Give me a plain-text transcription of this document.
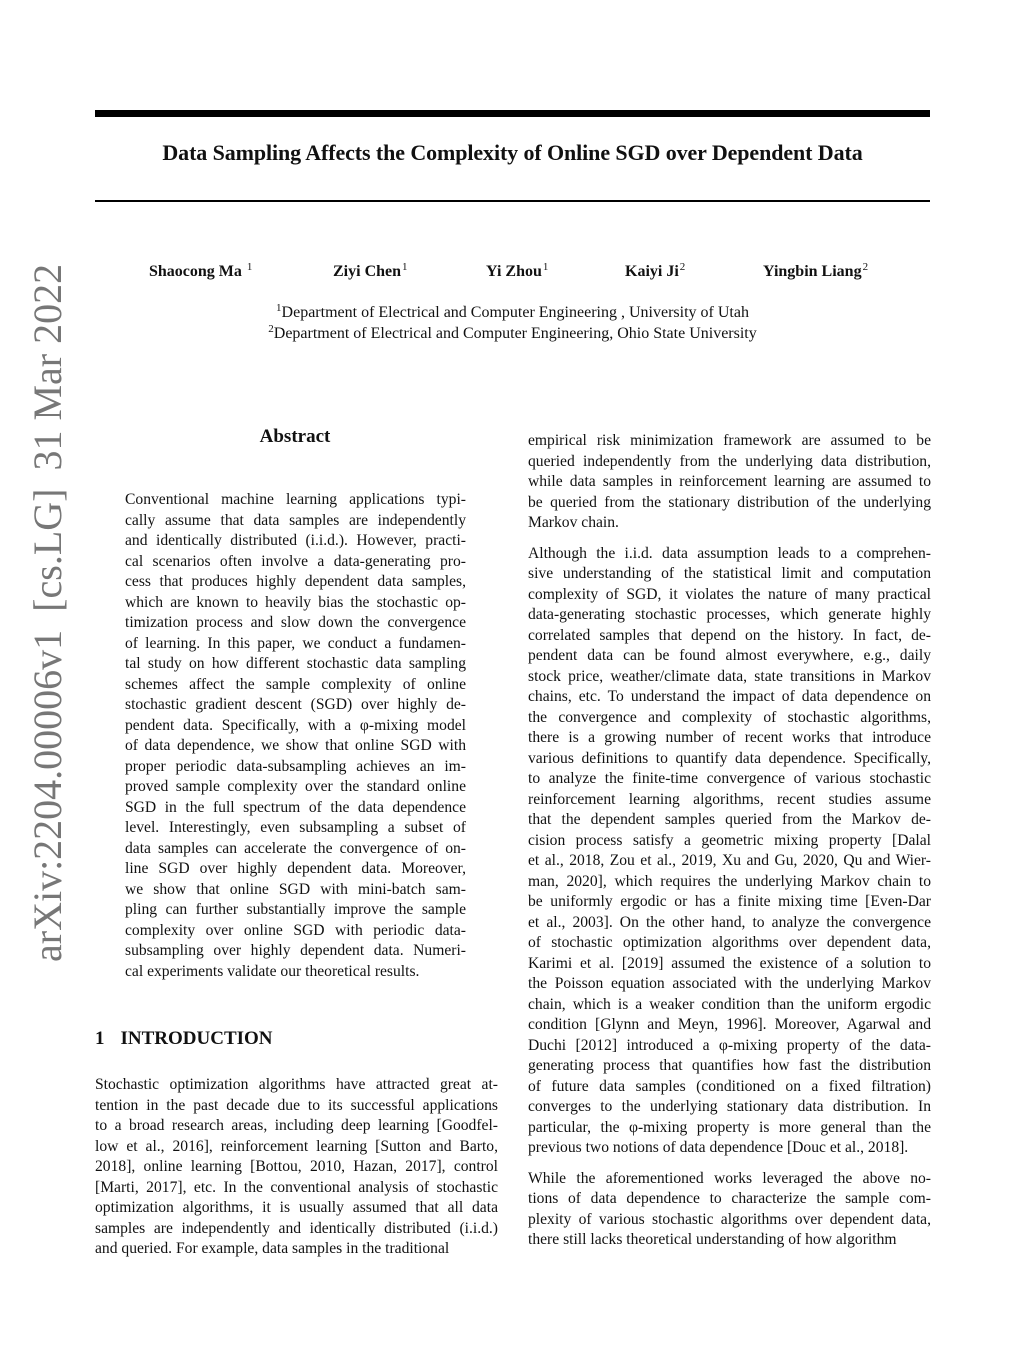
arXiv:2204.00006v1[cs.LG]31 Mar 2022
Data Sampling Affects the Complexity of Online SGD over Dependent Data
Shaocong Ma $^1$	Ziyi Chen$^1$	Yi Zhou$^1$	Kaiyi Ji$^2$	Yingbin Liang$^2$
$^1$Department of Electrical and Computer Engineering , University of Utah
$^2$Department of Electrical and Computer Engineering, Ohio State University
Abstract
Conventional machine learning applications typi-
cally assume that data samples are independently
and identically distributed (i.i.d.). However, practi-
cal scenarios often involve a data-generating pro-
cess that produces highly dependent data samples,
which are known to heavily bias the stochastic op-
timization process and slow down the convergence
of learning. In this paper, we conduct a fundamen-
tal study on how different stochastic data sampling
schemes affect the sample complexity of online
stochastic gradient descent (SGD) over highly de-
pendent data. Specifically, with a φ-mixing model
of data dependence, we show that online SGD with
proper periodic data-subsampling achieves an im-
proved sample complexity over the standard online
SGD in the full spectrum of the data dependence
level. Interestingly, even subsampling a subset of
data samples can accelerate the convergence of on-
line SGD over highly dependent data. Moreover,
we show that online SGD with mini-batch sam-
pling can further substantially improve the sample
complexity over online SGD with periodic data-
subsampling over highly dependent data. Numeri-
cal experiments validate our theoretical results.
1 INTRODUCTION
Stochastic optimization algorithms have attracted great at-
tention in the past decade due to its successful applications
to a broad research areas, including deep learning [Goodfel-
low et al., 2016], reinforcement learning [Sutton and Barto,
2018], online learning [Bottou, 2010, Hazan, 2017], control
[Marti, 2017], etc. In the conventional analysis of stochastic
optimization algorithms, it is usually assumed that all data
samples are independently and identically distributed (i.i.d.)
and queried. For example, data samples in the traditional
empirical risk minimization framework are assumed to be
queried independently from the underlying data distribution,
while data samples in reinforcement learning are assumed to
be queried from the stationary distribution of the underlying
Markov chain.
Although the i.i.d. data assumption leads to a comprehen-
sive understanding of the statistical limit and computation
complexity of SGD, it violates the nature of many practical
data-generating stochastic processes, which generate highly
correlated samples that depend on the history. In fact, de-
pendent data can be found almost everywhere, e.g., daily
stock price, weather/climate data, state transitions in Markov
chains, etc. To understand the impact of data dependence on
the convergence and complexity of stochastic algorithms,
there is a growing number of recent works that introduce
various definitions to quantify data dependence. Specifically,
to analyze the finite-time convergence of various stochastic
reinforcement learning algorithms, recent studies assume
that the dependent samples queried from the Markov de-
cision process satisfy a geometric mixing property [Dalal
et al., 2018, Zou et al., 2019, Xu and Gu, 2020, Qu and Wier-
man, 2020], which requires the underlying Markov chain to
be uniformly ergodic or has a finite mixing time [Even-Dar
et al., 2003]. On the other hand, to analyze the convergence
of stochastic optimization algorithms over dependent data,
Karimi et al. [2019] assumed the existence of a solution to
the Poisson equation associated with the underlying Markov
chain, which is a weaker condition than the uniform ergodic
condition [Glynn and Meyn, 1996]. Moreover, Agarwal and
Duchi [2012] introduced a φ-mixing property of the data-
generating process that quantifies how fast the distribution
of future data samples (conditioned on a fixed filtration)
converges to the underlying stationary data distribution. In
particular, the φ-mixing property is more general than the
previous two notions of data dependence [Douc et al., 2018].
While the aforementioned works leveraged the above no-
tions of data dependence to characterize the sample com-
plexity of various stochastic algorithms over dependent data,
there still lacks theoretical understanding of how algorithm
